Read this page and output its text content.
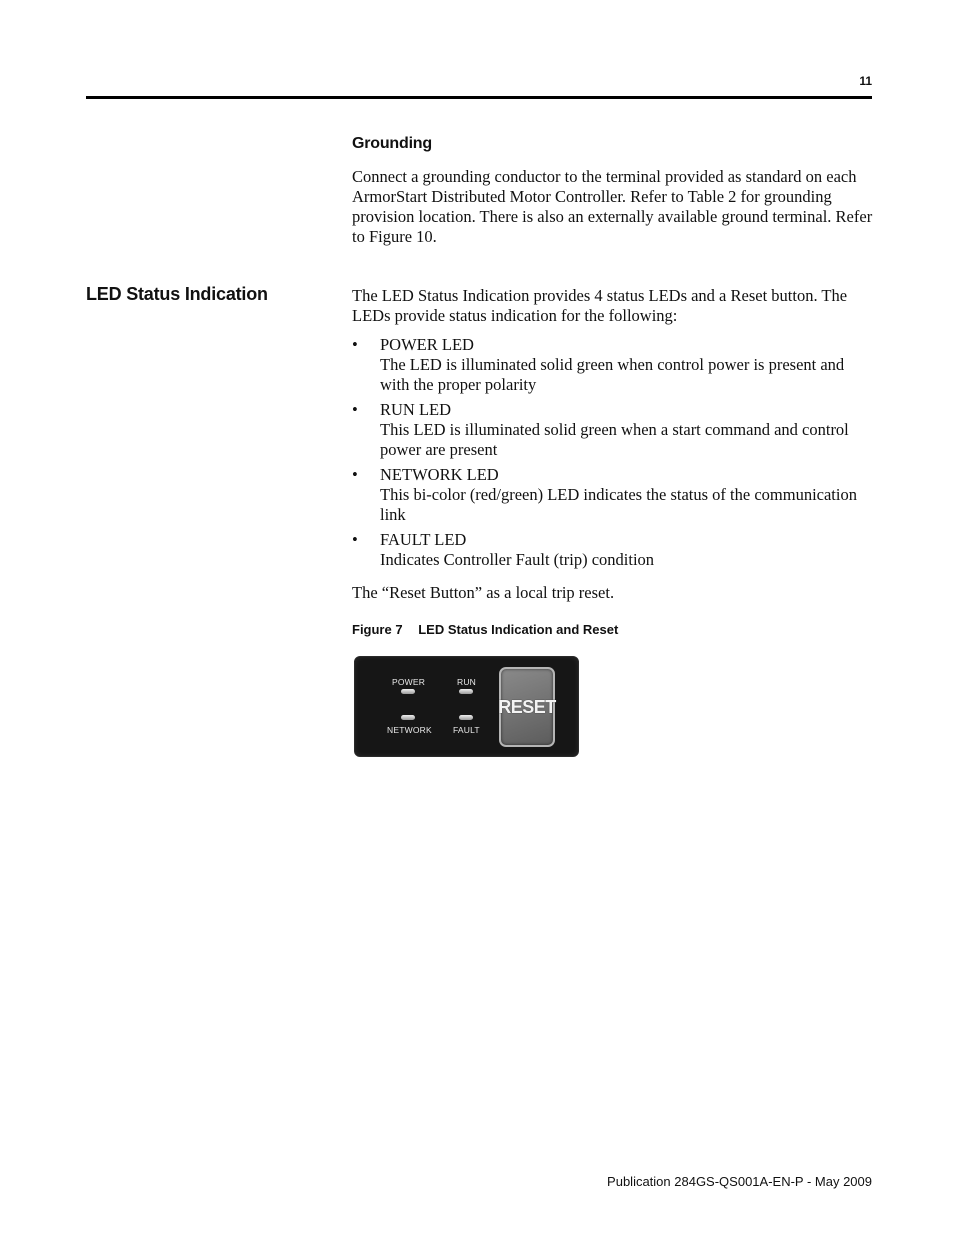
11
Grounding
Connect a grounding conductor to the terminal provided as standard on each ArmorStart Distributed Motor Controller. Refer to Table 2 for grounding provision location. There is also an externally available ground terminal. Refer to Figure 10.
LED Status Indication	The LED Status Indication provides 4 status LEDs and a Reset button. The LEDs provide status indication for the following:
• POWER LED
The LED is illuminated solid green when control power is present and with the proper polarity
• RUN LED
This LED is illuminated solid green when a start command and control power are present
• NETWORK LED
This bi-color (red/green) LED indicates the status of the communication link
• FAULT LED
Indicates Controller Fault (trip) condition
The “Reset Button” as a local trip reset.
Figure 7 LED Status Indication and Reset
POWER	RUN
NETWORK FAULT
RESET
Publication 284GS-QS001A-EN-P - May 2009
